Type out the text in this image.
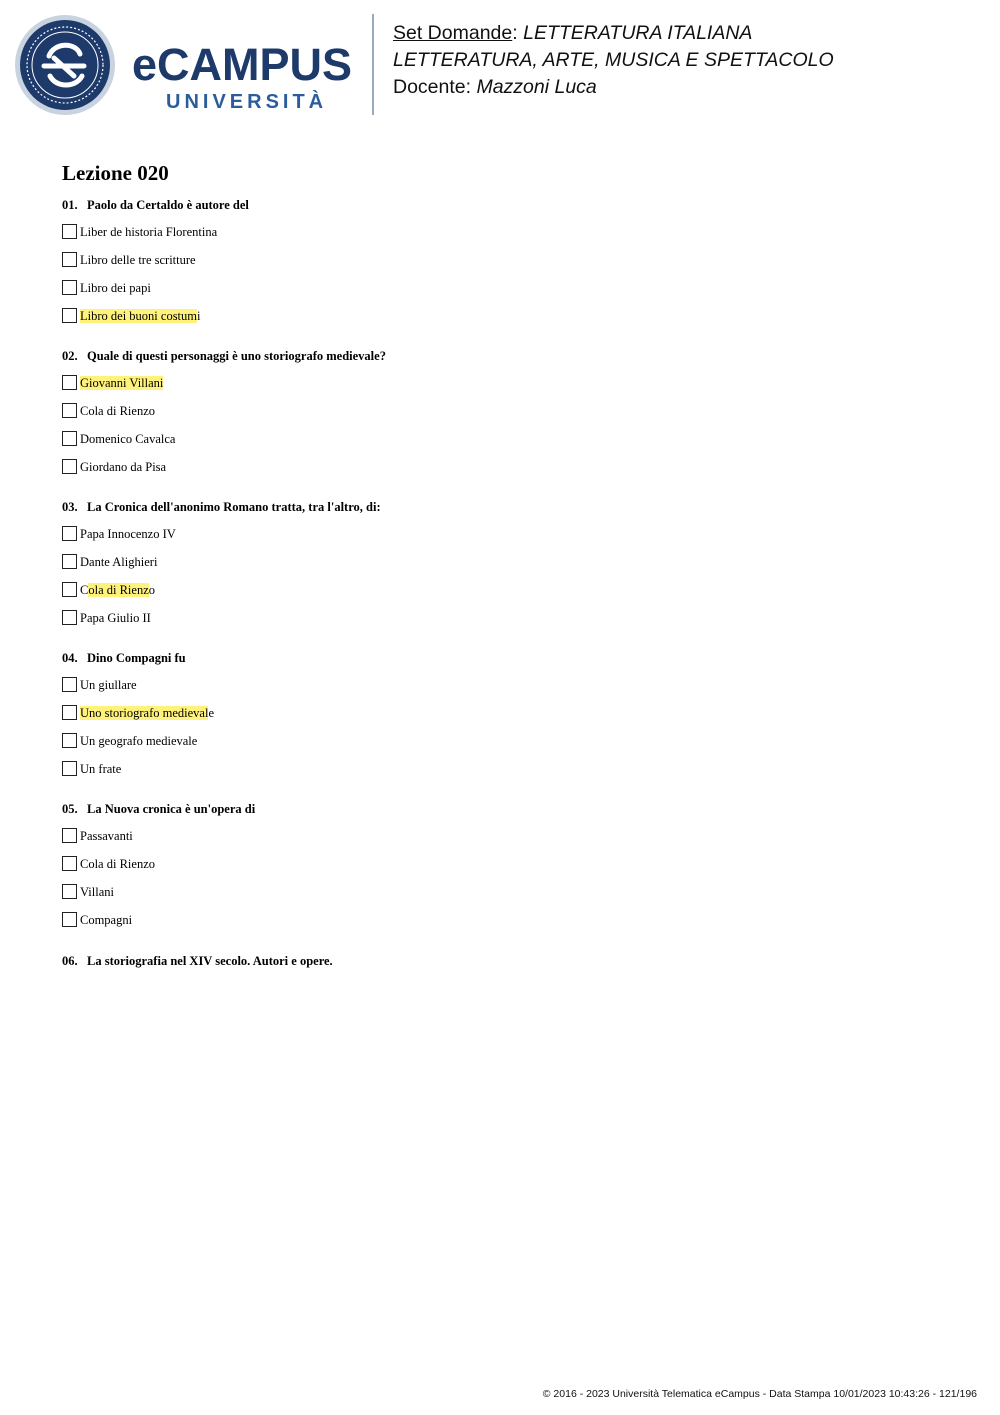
eCAMPUS
UNIVERSITÀ
Set Domande: LETTERATURA ITALIANA
LETTERATURA, ARTE, MUSICA E SPETTACOLO
Docente: Mazzoni Luca
Lezione 020
01. Paolo da Certaldo è autore del
Liber de historia Florentina
Libro delle tre scritture
Libro dei papi
Libro dei buoni costumi
02. Quale di questi personaggi è uno storiografo medievale?
Giovanni Villani
Cola di Rienzo
Domenico Cavalca
Giordano da Pisa
03. La Cronica dell'anonimo Romano tratta, tra l'altro, di:
Papa Innocenzo IV
Dante Alighieri
Cola di Rienzo
Papa Giulio II
04. Dino Compagni fu
Un giullare
Uno storiografo medievale
Un geografo medievale
Un frate
05. La Nuova cronica è un'opera di
Passavanti
Cola di Rienzo
Villani
Compagni
06. La storiografia nel XIV secolo. Autori e opere.
© 2016 - 2023 Università Telematica eCampus - Data Stampa 10/01/2023 10:43:26 - 121/196
